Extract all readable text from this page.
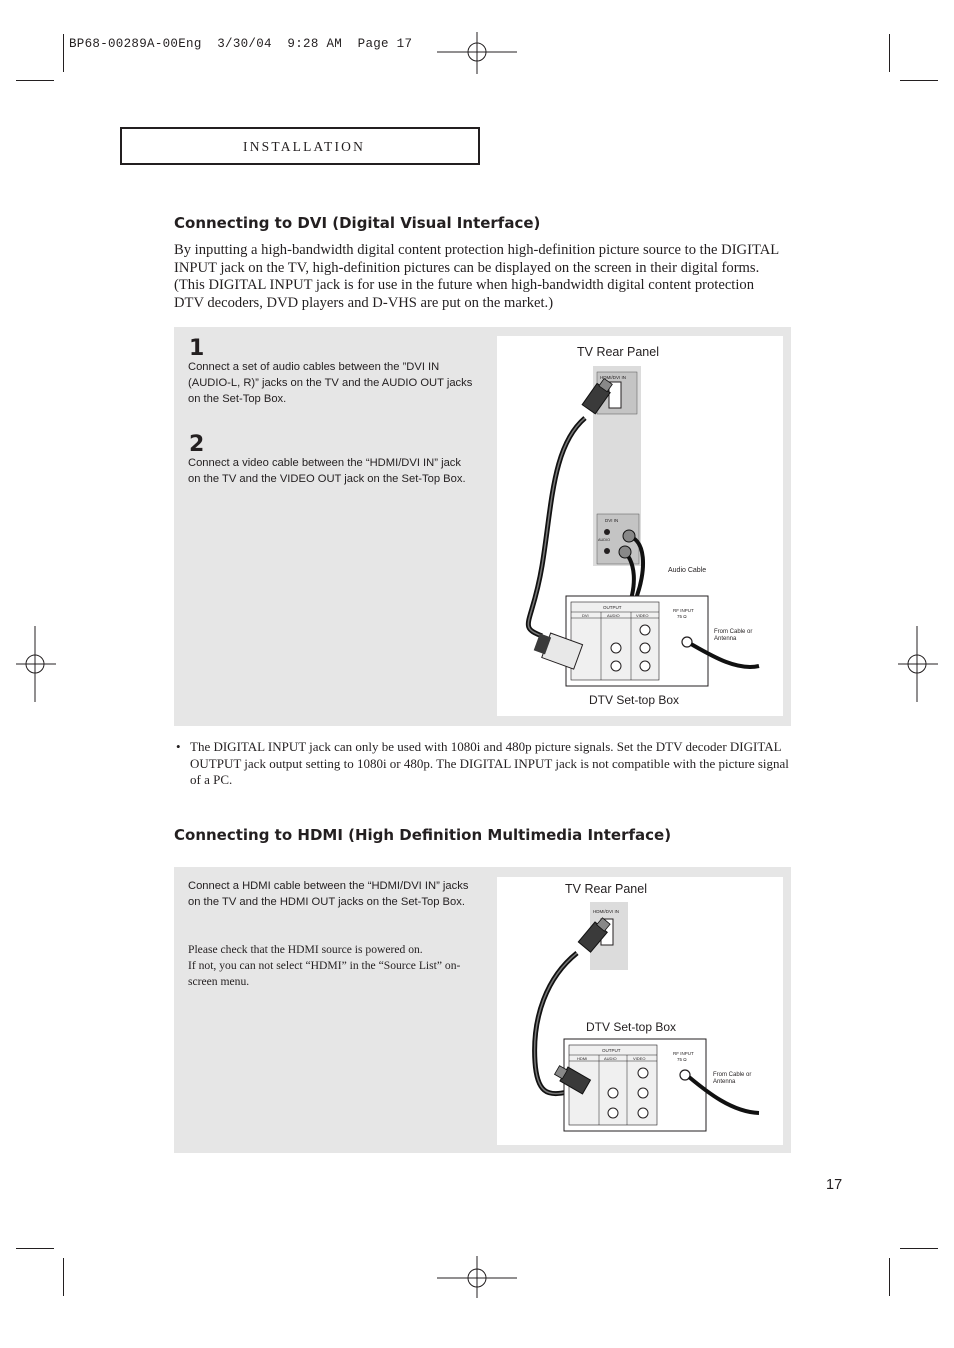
BP68-00289A-00Eng  3/30/04  9:28 AM  Page 17
INSTALLATION
Connecting to DVI (Digital Visual Interface)
By inputting a high-bandwidth digital content protection high-definition picture source to the DIGITAL INPUT jack on the TV, high-definition pictures can be displayed on the screen in their digital forms. (This DIGITAL INPUT jack is for use in the future when high-bandwidth digital content protection DTV decoders, DVD players and D-VHS are put on the market.)
1
Connect a set of audio cables between the ”DVI IN (AUDIO-L, R)” jacks on the TV and the AUDIO OUT jacks on the Set-Top Box.
2
Connect a video cable between the “HDMI/DVI IN” jack on the TV and the VIDEO OUT jack on the Set-Top Box.
TV Rear Panel
HDMI/DVI IN
DVI IN
AUDIO
Audio Cable
OUTPUT
DVI	AUDIO	VIDEO
RF INPUT
75 Ω
From Cable or
Antenna
DTV Set-top Box
• The DIGITAL INPUT jack can only be used with 1080i and 480p picture signals. Set the DTV decoder DIGITAL OUTPUT jack output setting to 1080i or 480p. The DIGITAL INPUT jack is not compatible with the picture signal of a PC.
Connecting to HDMI (High Definition Multimedia Interface)
Connect a HDMI cable between the “HDMI/DVI IN” jacks on the TV and the HDMI OUT jacks on the Set-Top Box.
Please check that the HDMI source is powered on.
If not, you can not select “HDMI” in the “Source List” on-screen menu.
TV Rear Panel
HDMI/DVI IN
DTV Set-top Box
OUTPUT
HDMI	AUDIO	VIDEO
RF INPUT
75 Ω
From Cable or
Antenna
17
